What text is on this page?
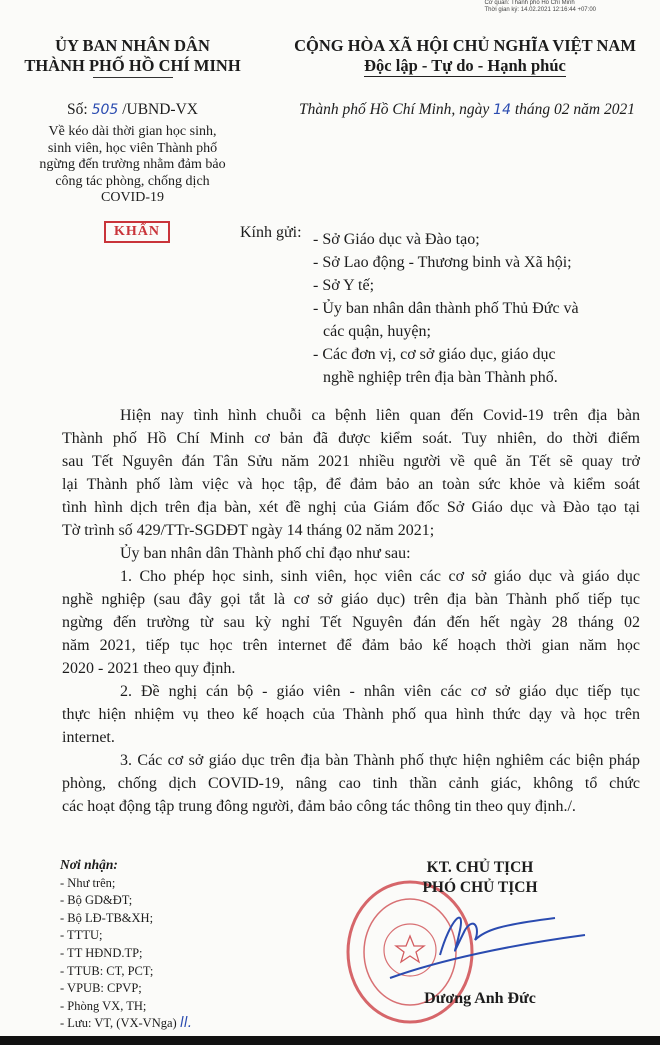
Cơ quan: Thành phố Hồ Chí Minh
Thời gian ký: 14.02.2021 12:16:44 +07:00
ỦY BAN NHÂN DÂN
THÀNH PHỐ HỒ CHÍ MINH
CỘNG HÒA XÃ HỘI CHỦ NGHĨA VIỆT NAM
Độc lập - Tự do - Hạnh phúc
Số: 505 /UBND-VX	Thành phố Hồ Chí Minh, ngày 14 tháng 02 năm 2021
Về kéo dài thời gian học sinh,
sinh viên, học viên Thành phố
ngừng đến trường nhằm đảm bảo
công tác phòng, chống dịch
COVID-19
KHẨN	Kính gửi: - Sở Giáo dục và Đào tạo;
- Sở Lao động - Thương binh và Xã hội;
- Sở Y tế;
- Ủy ban nhân dân thành phố Thủ Đức và
các quận, huyện;
- Các đơn vị, cơ sở giáo dục, giáo dục
nghề nghiệp trên địa bàn Thành phố.
Hiện nay tình hình chuỗi ca bệnh liên quan đến Covid-19 trên địa bàn
Thành phố Hồ Chí Minh cơ bản đã được kiểm soát. Tuy nhiên, do thời điểm
sau Tết Nguyên đán Tân Sửu năm 2021 nhiều người về quê ăn Tết sẽ quay trở
lại Thành phố làm việc và học tập, để đảm bảo an toàn sức khỏe và kiểm soát
tình hình dịch trên địa bàn, xét đề nghị của Giám đốc Sở Giáo dục và Đào tạo tại
Tờ trình số 429/TTr-SGDĐT ngày 14 tháng 02 năm 2021;
Ủy ban nhân dân Thành phố chỉ đạo như sau:
1. Cho phép học sinh, sinh viên, học viên các cơ sở giáo dục và giáo dục
nghề nghiệp (sau đây gọi tắt là cơ sở giáo dục) trên địa bàn Thành phố tiếp tục
ngừng đến trường từ sau kỳ nghỉ Tết Nguyên đán đến hết ngày 28 tháng 02
năm 2021, tiếp tục học trên internet để đảm bảo kế hoạch thời gian năm học
2020 - 2021 theo quy định.
2. Đề nghị cán bộ - giáo viên - nhân viên các cơ sở giáo dục tiếp tục
thực hiện nhiệm vụ theo kế hoạch của Thành phố qua hình thức dạy và học trên
internet.
3. Các cơ sở giáo dục trên địa bàn Thành phố thực hiện nghiêm các biện pháp
phòng, chống dịch COVID-19, nâng cao tinh thần cảnh giác, không tổ chức
các hoạt động tập trung đông người, đảm bảo công tác thông tin theo quy định./.
Nơi nhận:
- Như trên;
- Bộ GD&ĐT;
- Bộ LĐ-TB&XH;
- TTTU;
- TT HĐND.TP;
- TTUB: CT, PCT;
- VPUB: CPVP;
- Phòng VX, TH;
- Lưu: VT, (VX-VNga) ll.
KT. CHỦ TỊCH
PHÓ CHỦ TỊCH
Dương Anh Đức
